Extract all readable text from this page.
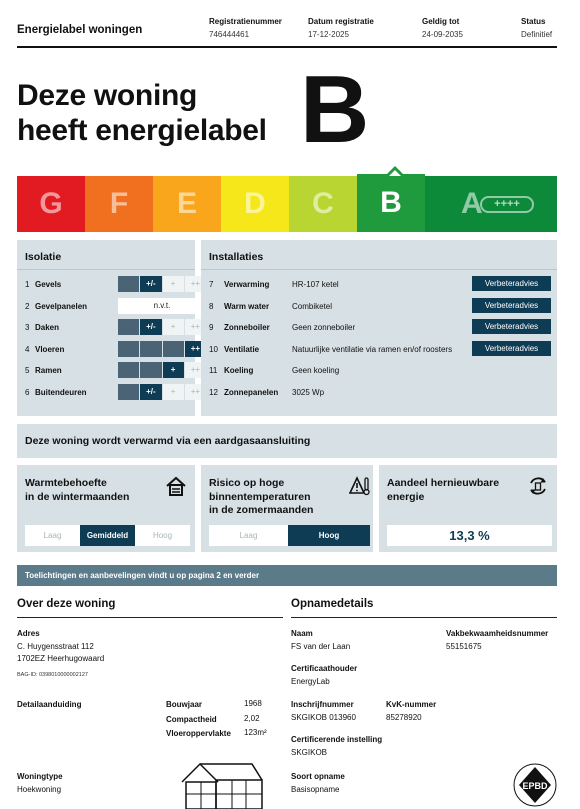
Energielabel woningen
Registratienummer
746444461
Datum registratie
17-12-2025
Geldig tot
24-09-2035
Status
Definitief
Deze woning
heeft energielabel B
G	F	E	D	C	B	A	++++
Isolatie
1 Gevels	+/-	+	++
2 Gevelpanelen	n.v.t.
3 Daken	+/-	+	++
4 Vloeren	++
5 Ramen	+	++
6 Buitendeuren	+/-	+	++
Installaties
7 Verwarming	HR-107 ketel	Verbeteradvies
8 Warm water	Combiketel	Verbeteradvies
9 Zonneboiler	Geen zonneboiler	Verbeteradvies
10 Ventilatie	Natuurlijke ventilatie via ramen en/of roosters	Verbeteradvies
11 Koeling	Geen koeling
12 Zonnepanelen 3025 Wp
Deze woning wordt verwarmd via een aardgasaansluiting
Warmtebehoefte
in de wintermaanden
Laag	Gemiddeld	Hoog
Risico op hoge
binnentemperaturen
in de zomermaanden
Laag	Hoog
Aandeel hernieuwbare
energie
13,3 %
Toelichtingen en aanbevelingen vindt u op pagina 2 en verder
Over deze woning
Adres
C. Huygensstraat 112
1702EZ Heerhugowaard
BAG-ID: 0398010000002127
Detailaanduiding	Bouwjaar	1968
Compactheid	2,02
Vloeroppervlakte 123m²
Woningtype
Hoekwoning
Opnamedetails
Naam
FS van der Laan
Vakbekwaamheidsnummer
55151675
Certificaathouder
EnergyLab
Inschrijfnummer
SKGIKOB 013960
KvK-nummer
85278920
Certificerende instelling
SKGIKOB
Soort opname
Basisopname	EPBD
